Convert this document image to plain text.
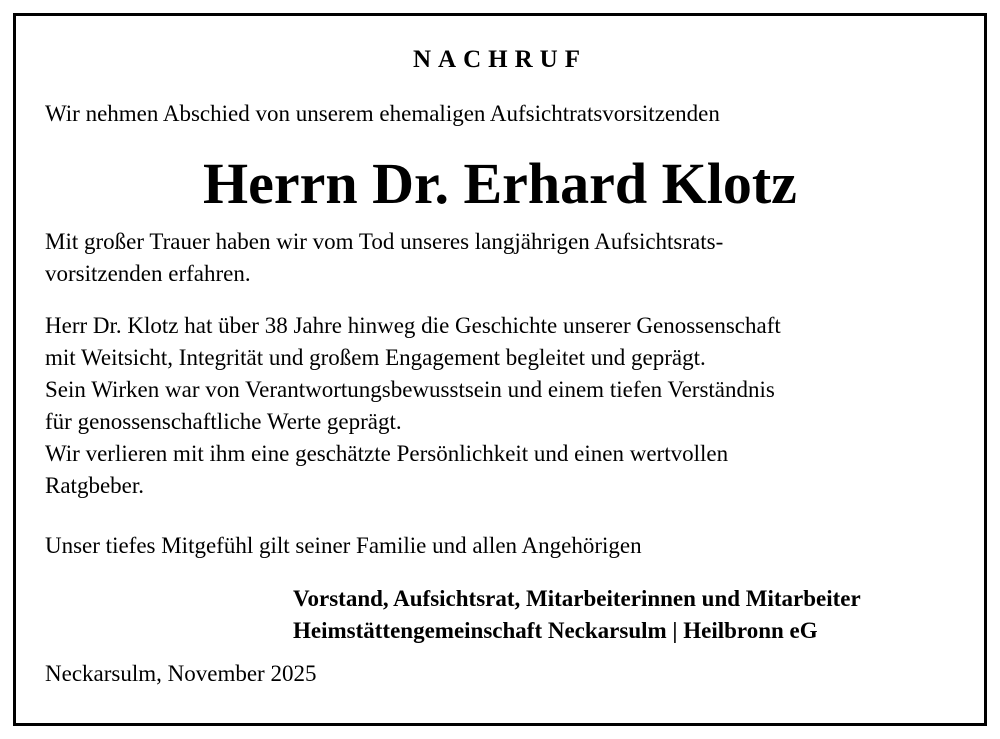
NACHRUF
Wir nehmen Abschied von unserem ehemaligen Aufsichtratsvorsitzenden
Herrn Dr. Erhard Klotz

Mit großer Trauer haben wir vom Tod unseres langjährigen Aufsichtsrats-
vorsitzenden erfahren.

Herr Dr. Klotz hat über 38 Jahre hinweg die Geschichte unserer Genossenschaft
mit Weitsicht, Integrität und großem Engagement begleitet und geprägt.
Sein Wirken war von Verantwortungsbewusstsein und einem tiefen Verständnis
für genossenschaftliche Werte geprägt.
Wir verlieren mit ihm eine geschätzte Persönlichkeit und einen wertvollen
Ratgbeber.

Unser tiefes Mitgefühl gilt seiner Familie und allen Angehörigen

Vorstand, Aufsichtsrat, Mitarbeiterinnen und Mitarbeiter
Heimstättengemeinschaft Neckarsulm | Heilbronn eG
Neckarsulm, November 2025
